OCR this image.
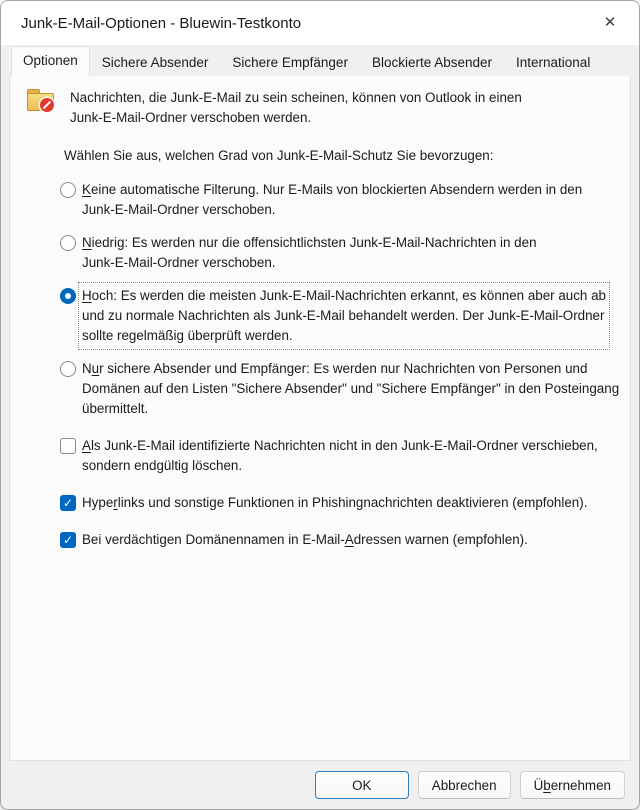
Junk-E-Mail-Optionen - Bluewin-Testkonto	✕
Optionen	Sichere Absender	Sichere Empfänger	Blockierte Absender	International
Nachrichten, die Junk-E-Mail zu sein scheinen, können von Outlook in einen
Junk-E-Mail-Ordner verschoben werden.
Wählen Sie aus, welchen Grad von Junk-E-Mail-Schutz Sie bevorzugen:
Keine automatische Filterung. Nur E-Mails von blockierten Absendern werden in den
Junk-E-Mail-Ordner verschoben.
Niedrig: Es werden nur die offensichtlichsten Junk-E-Mail-Nachrichten in den
Junk-E-Mail-Ordner verschoben.
Hoch: Es werden die meisten Junk-E-Mail-Nachrichten erkannt, es können aber auch ab
und zu normale Nachrichten als Junk-E-Mail behandelt werden. Der Junk-E-Mail-Ordner
sollte regelmäßig überprüft werden.
Nur sichere Absender und Empfänger: Es werden nur Nachrichten von Personen und
Domänen auf den Listen "Sichere Absender" und "Sichere Empfänger" in den Posteingang
übermittelt.
Als Junk-E-Mail identifizierte Nachrichten nicht in den Junk-E-Mail-Ordner verschieben,
sondern endgültig löschen.
✓
Hyperlinks und sonstige Funktionen in Phishingnachrichten deaktivieren (empfohlen).
✓
Bei verdächtigen Domänennamen in E-Mail-Adressen warnen (empfohlen).
OK	Abbrechen	Übernehmen
